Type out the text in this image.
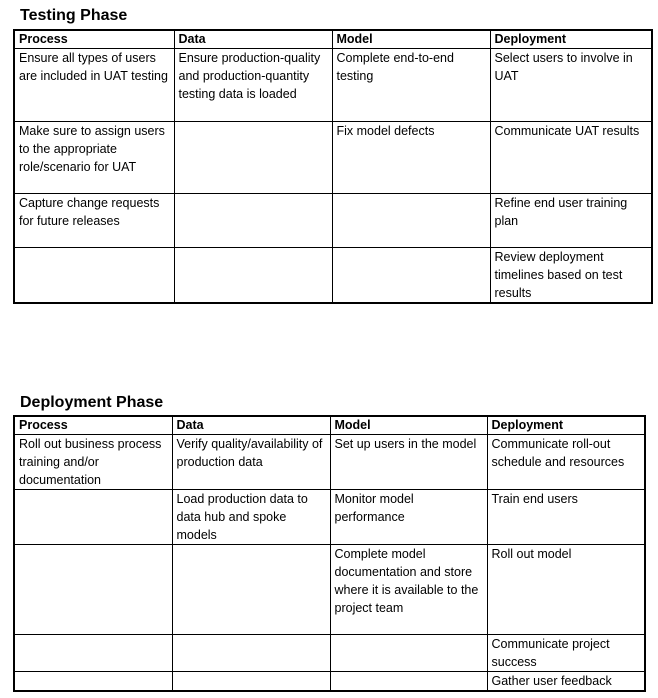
Testing Phase
Process	Data	Model	Deployment
Ensure all types of users are included in UAT testing	Ensure production-quality and production-quantity testing data is loaded	Complete end-to-end testing	Select users to involve in UAT
Make sure to assign users to the appropriate role/scenario for UAT		Fix model defects	Communicate UAT results
Capture change requests for future releases			Refine end user training plan
			Review deployment timelines based on test results
Deployment Phase
Process	Data	Model	Deployment
Roll out business process training and/or documentation	Verify quality/availability of production data	Set up users in the model	Communicate roll-out schedule and resources
	Load production data to data hub and spoke models	Monitor model performance	Train end users
		Complete model documentation and store where it is available to the project team	Roll out model
			Communicate project success
			Gather user feedback
